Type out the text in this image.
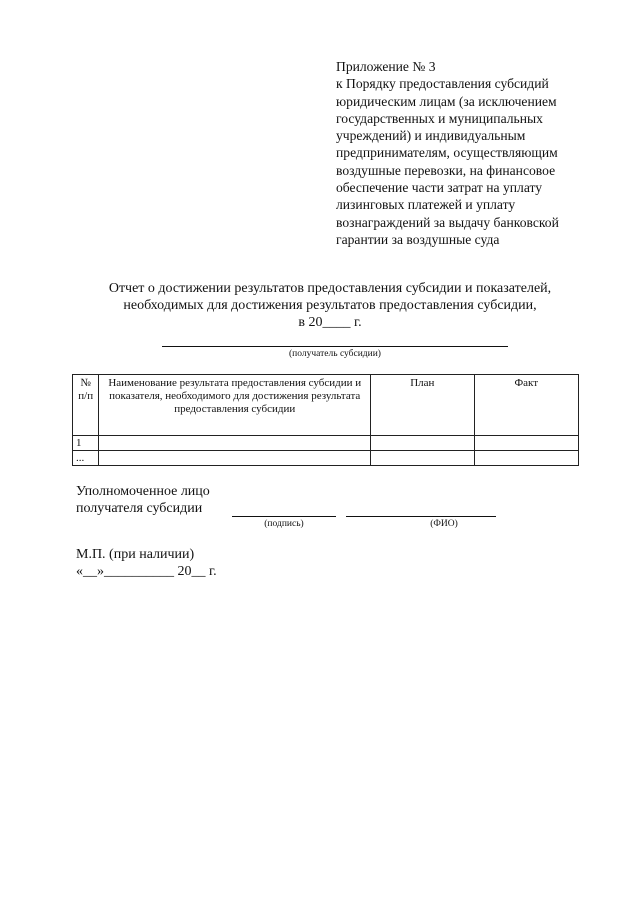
Приложение № 3
к Порядку предоставления субсидий
юридическим лицам (за исключением
государственных и муниципальных
учреждений) и индивидуальным
предпринимателям, осуществляющим
воздушные перевозки, на финансовое
обеспечение части затрат на уплату
лизинговых платежей и уплату
вознаграждений за выдачу банковской
гарантии за воздушные суда
Отчет о достижении результатов предоставления субсидии и показателей,
необходимых для достижения результатов предоставления субсидии,
в 20____ г.
(получатель субсидии)
№ п/п	Наименование результата предоставления субсидии и показателя, необходимого для достижения результата предоставления субсидии	План	Факт
1			
...			
Уполномоченное лицо
получателя субсидии
(подпись)	(ФИО)
М.П. (при наличии)
«__»__________ 20__ г.
